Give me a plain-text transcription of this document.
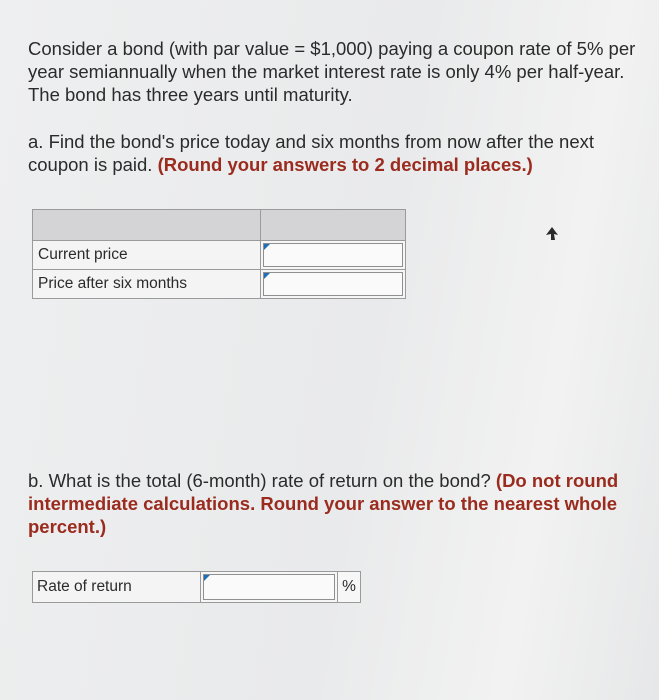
Consider a bond (with par value = $1,000) paying a coupon rate of 5% per year semiannually when the market interest rate is only 4% per half-year. The bond has three years until maturity.

a. Find the bond's price today and six months from now after the next coupon is paid. (Round your answers to 2 decimal places.)

Current price	

Price after six months	

b. What is the total (6-month) rate of return on the bond? (Do not round intermediate calculations. Round your answer to the nearest whole percent.)

Rate of return		%
